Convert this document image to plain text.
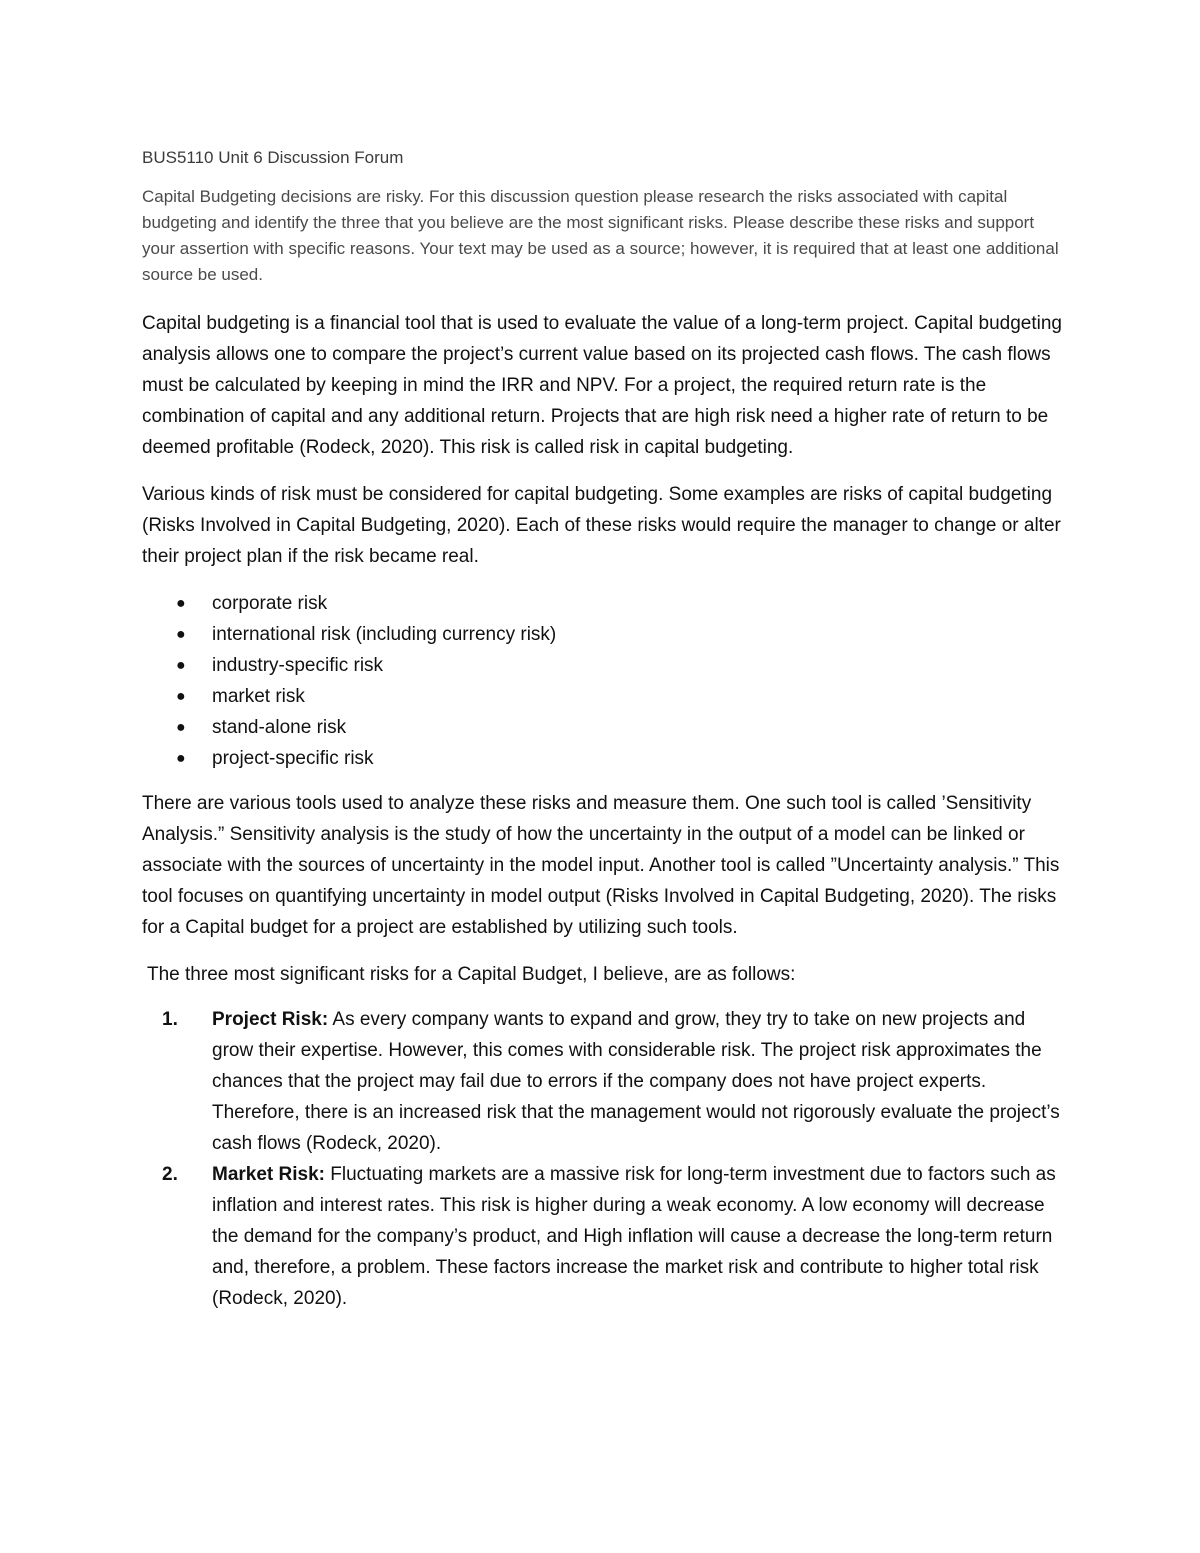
BUS5110 Unit 6 Discussion Forum

Capital Budgeting decisions are risky. For this discussion question please research the risks associated with capital budgeting and identify the three that you believe are the most significant risks. Please describe these risks and support your assertion with specific reasons. Your text may be used as a source; however, it is required that at least one additional source be used.

Capital budgeting is a financial tool that is used to evaluate the value of a long-term project. Capital budgeting analysis allows one to compare the project’s current value based on its projected cash flows. The cash flows must be calculated by keeping in mind the IRR and NPV. For a project, the required return rate is the combination of capital and any additional return. Projects that are high risk need a higher rate of return to be deemed profitable (Rodeck, 2020). This risk is called risk in capital budgeting.

Various kinds of risk must be considered for capital budgeting. Some examples are risks of capital budgeting (Risks Involved in Capital Budgeting, 2020). Each of these risks would require the manager to change or alter their project plan if the risk became real.

● corporate risk
● international risk (including currency risk)
● industry-specific risk
● market risk
● stand-alone risk
● project-specific risk

There are various tools used to analyze these risks and measure them. One such tool is called ’Sensitivity Analysis.” Sensitivity analysis is the study of how the uncertainty in the output of a model can be linked or associate with the sources of uncertainty in the model input. Another tool is called ”Uncertainty analysis.” This tool focuses on quantifying uncertainty in model output (Risks Involved in Capital Budgeting, 2020). The risks for a Capital budget for a project are established by utilizing such tools.

The three most significant risks for a Capital Budget, I believe, are as follows:

1. Project Risk: As every company wants to expand and grow, they try to take on new projects and grow their expertise. However, this comes with considerable risk. The project risk approximates the chances that the project may fail due to errors if the company does not have project experts. Therefore, there is an increased risk that the management would not rigorously evaluate the project’s cash flows (Rodeck, 2020).
2. Market Risk: Fluctuating markets are a massive risk for long-term investment due to factors such as inflation and interest rates. This risk is higher during a weak economy. A low economy will decrease the demand for the company’s product, and High inflation will cause a decrease the long-term return and, therefore, a problem. These factors increase the market risk and contribute to higher total risk (Rodeck, 2020).
